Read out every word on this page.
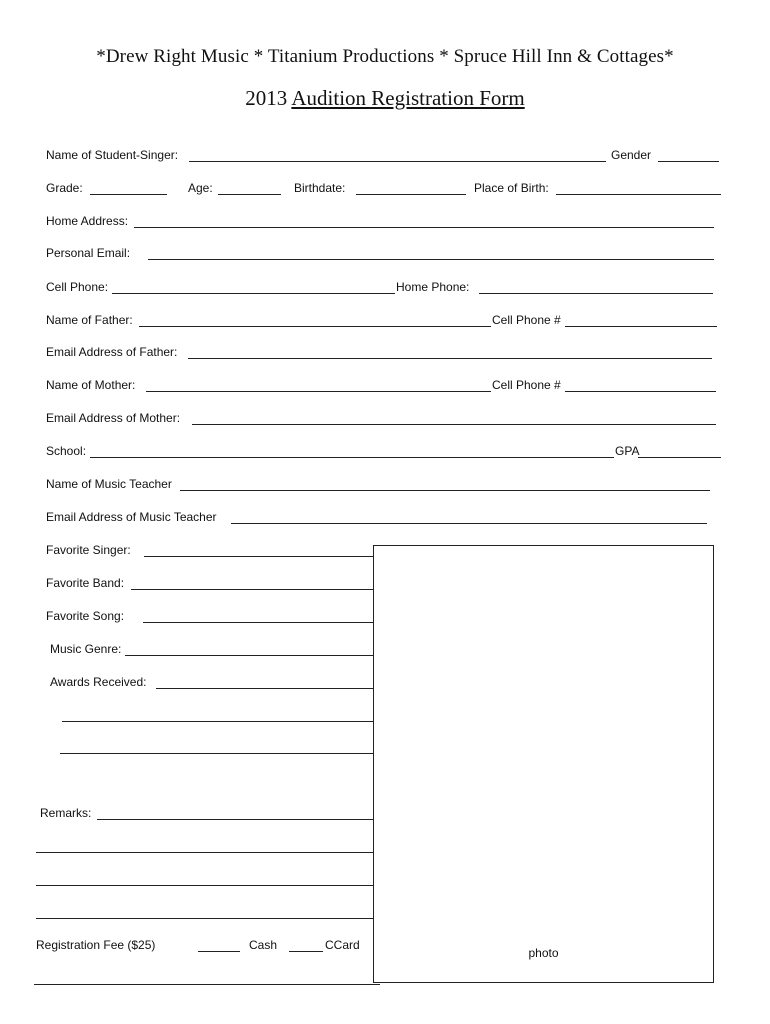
*Drew Right Music * Titanium Productions * Spruce Hill Inn & Cottages*
2013 Audition Registration Form
Name of Student-Singer:	Gender
Grade:	Age:	Birthdate:	Place of Birth:
Home Address:
Personal Email:
Cell Phone:	Home Phone:
Name of Father:	Cell Phone #
Email Address of Father:
Name of Mother:	Cell Phone #
Email Address of Mother:
School:	GPA
Name of Music Teacher
Email Address of Music Teacher
Favorite Singer:
Favorite Band:
Favorite Song:
Music Genre:
Awards Received:
Remarks:
Registration Fee ($25)	Cash	CCard
photo
